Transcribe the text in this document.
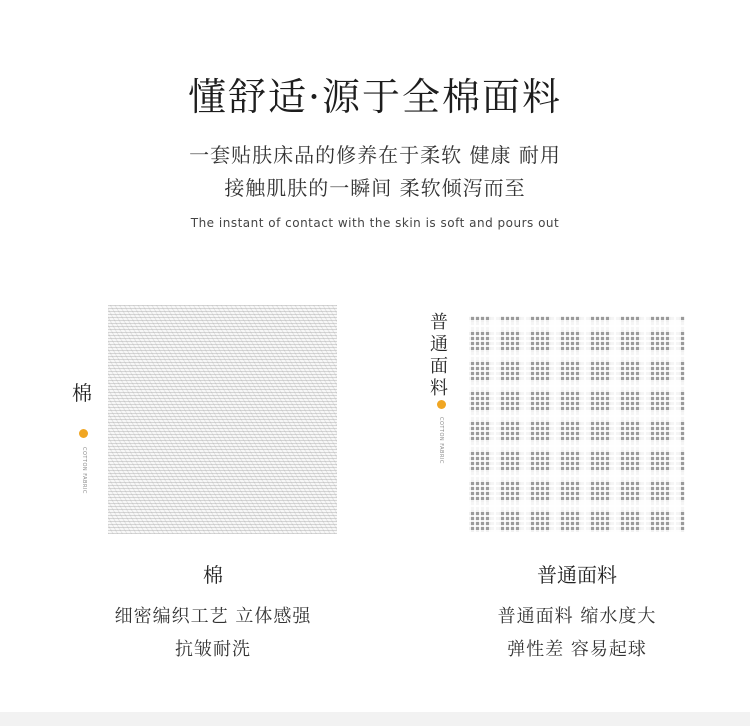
懂舒适·源于全棉面料
一套贴肤床品的修养在于柔软 健康 耐用
接触肌肤的一瞬间 柔软倾泻而至
The instant of contact with the skin is soft and pours out
棉
COTTON FABRIC
棉
细密编织工艺 立体感强
抗皱耐洗
普通面料
COTTON FABRIC
普通面料
普通面料 缩水度大
弹性差 容易起球
